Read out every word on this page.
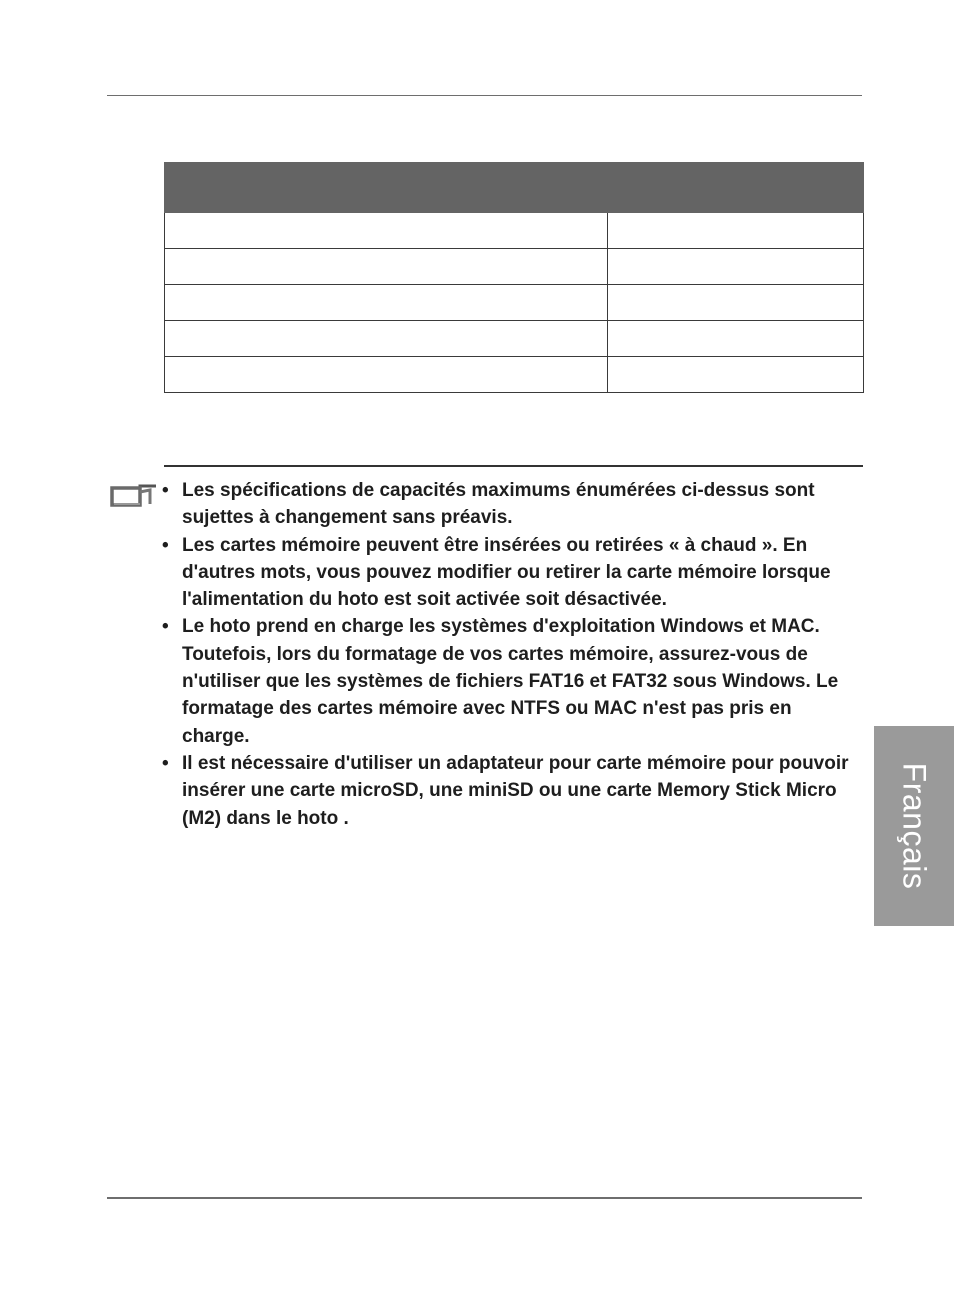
• Les spécifications de capacités maximums énumérées ci-dessus sont sujettes à changement sans préavis.
• Les cartes mémoire peuvent être insérées ou retirées « à chaud ». En d'autres mots, vous pouvez modifier ou retirer la carte mémoire lorsque l'alimentation du hoto est soit activée soit désactivée.
• Le hoto prend en charge les systèmes d'exploitation Windows et MAC. Toutefois, lors du formatage de vos cartes mémoire, assurez-vous de n'utiliser que les systèmes de fichiers FAT16 et FAT32 sous Windows. Le formatage des cartes mémoire avec NTFS ou MAC n'est pas pris en charge.
• Il est nécessaire d'utiliser un adaptateur pour carte mémoire pour pouvoir insérer une carte microSD, une miniSD ou une carte Memory Stick Micro (M2) dans le hoto .	Français
